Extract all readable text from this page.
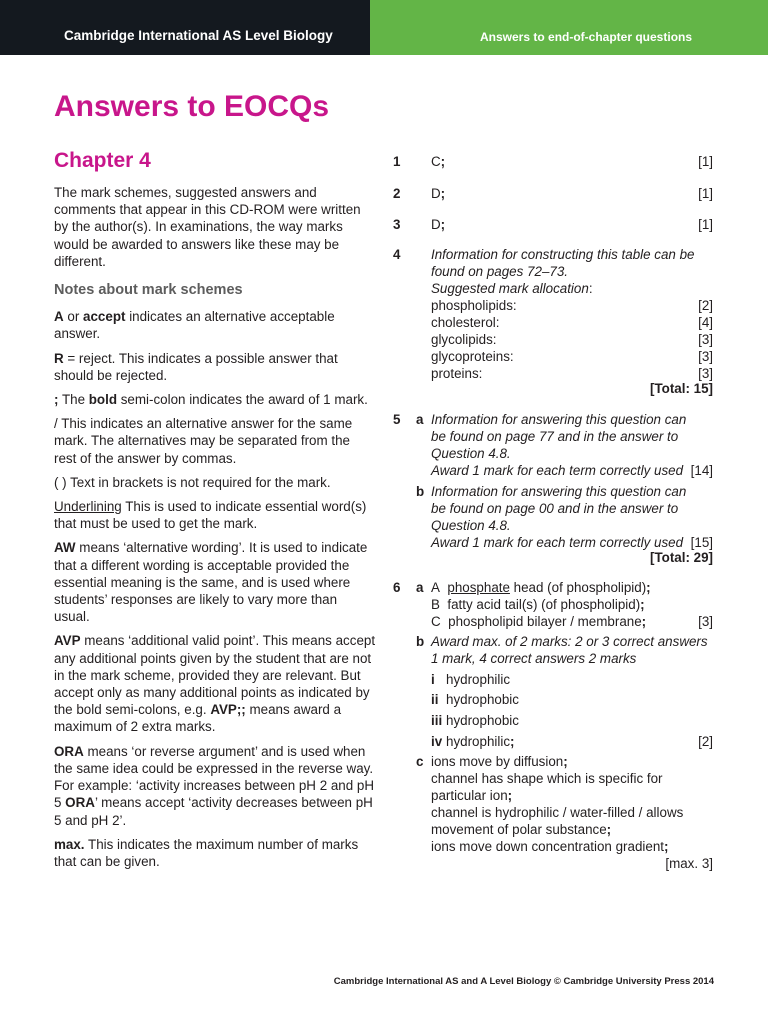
Cambridge International AS Level Biology	Answers to end-of-chapter questions
Answers to EOCQs
Chapter 4

The mark schemes, suggested answers and comments that appear in this CD-ROM were written by the author(s). In examinations, the way marks would be awarded to answers like these may be different.

Notes about mark schemes

A or accept indicates an alternative acceptable answer.

R = reject. This indicates a possible answer that should be rejected.

; The bold semi-colon indicates the award of 1 mark.

/ This indicates an alternative answer for the same mark. The alternatives may be separated from the rest of the answer by commas.

( ) Text in brackets is not required for the mark.

Underlining This is used to indicate essential word(s) that must be used to get the mark.

AW means ‘alternative wording’. It is used to indicate that a different wording is acceptable provided the essential meaning is the same, and is used where students’ responses are likely to vary more than usual.

AVP means ‘additional valid point’. This means accept any additional points given by the student that are not in the mark scheme, provided they are relevant. But accept only as many additional points as indicated by the bold semi-colons, e.g. AVP;; means award a maximum of 2 extra marks.

ORA means ‘or reverse argument’ and is used when the same idea could be expressed in the reverse way. For example: ‘activity increases between pH 2 and pH 5 ORA’ means accept ‘activity decreases between pH 5 and pH 2’.

max. This indicates the maximum number of marks that can be given.

1 C;	[1]
2 D;	[1]
3 D;	[1]
4 Information for constructing this table can be
found on pages 72–73.
Suggested mark allocation:
phospholipids:	[2]
cholesterol:	[4]
glycolipids:	[3]
glycoproteins:	[3]
proteins:	[3]
[Total: 15]
5 a Information for answering this question can
be found on page 77 and in the answer to
Question 4.8.
Award 1 mark for each term correctly used [14]
b Information for answering this question can
be found on page 00 and in the answer to
Question 4.8.
Award 1 mark for each term correctly used [15]
[Total: 29]
6 a A phosphate head (of phospholipid);
B fatty acid tail(s) (of phospholipid);
C phospholipid bilayer / membrane;	[3]
b Award max. of 2 marks: 2 or 3 correct answers
1 mark, 4 correct answers 2 marks
i hydrophilic
ii hydrophobic
iii hydrophobic
iv hydrophilic;	[2]
c ions move by diffusion;
channel has shape which is specific for
particular ion;
channel is hydrophilic / water-filled / allows
movement of polar substance;
ions move down concentration gradient;
[max. 3]
Cambridge International AS and A Level Biology © Cambridge University Press 2014
